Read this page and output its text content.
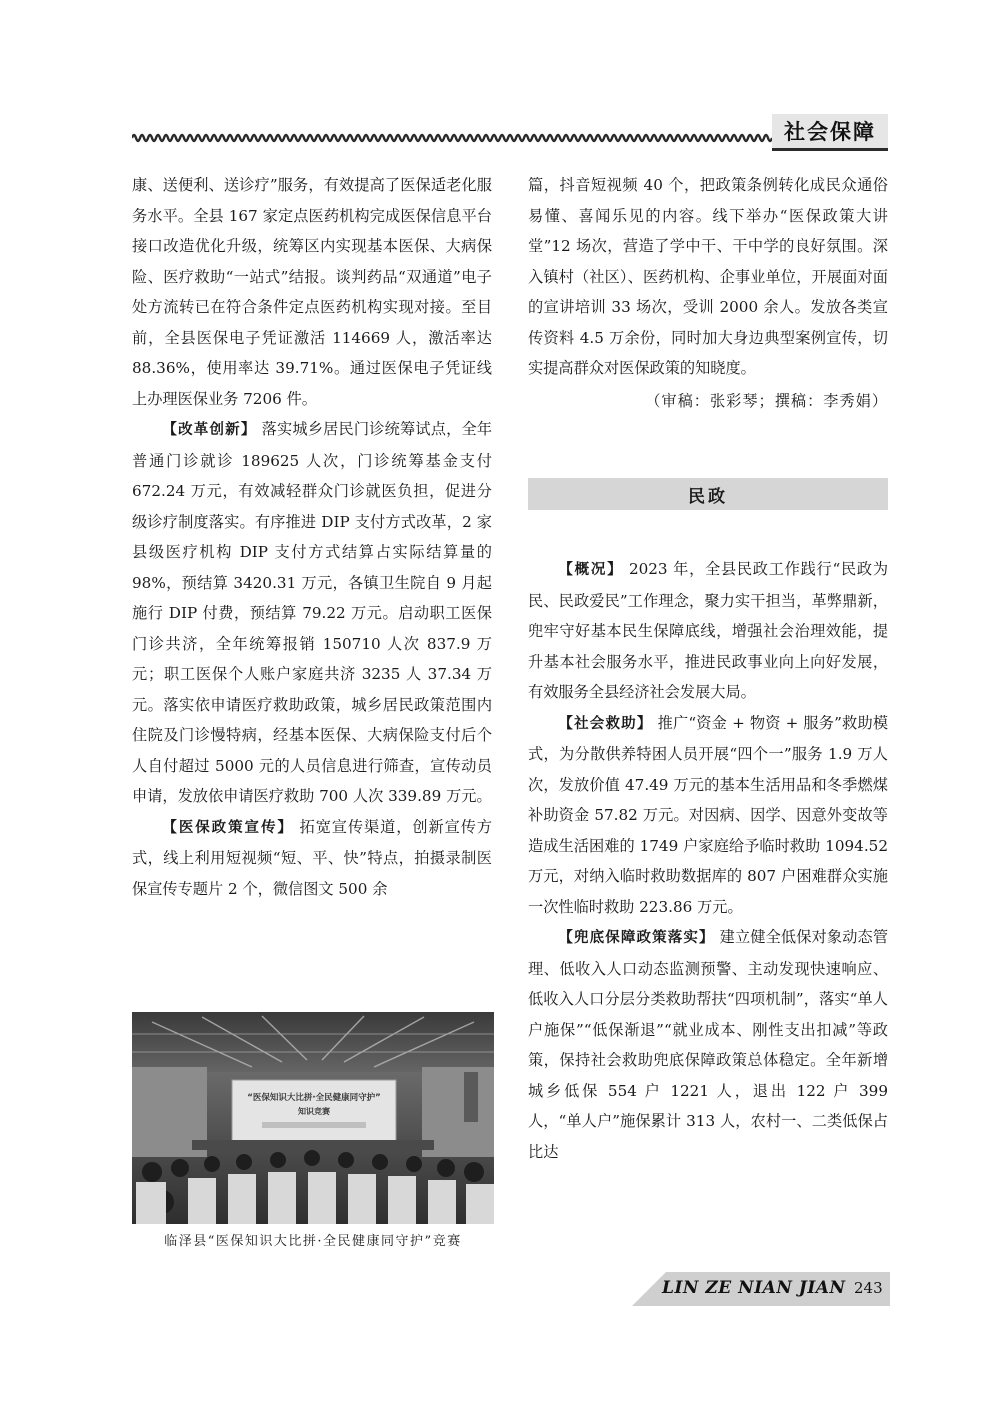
社会保障

康、送便利、送诊疗”服务，有效提高了医保适老化服务水平。全县 167 家定点医药机构完成医保信息平台接口改造优化升级，统筹区内实现基本医保、大病保险、医疗救助“一站式”结报。谈判药品“双通道”电子处方流转已在符合条件定点医药机构实现对接。至目前，全县医保电子凭证激活 114669 人，激活率达 88.36%，使用率达 39.71%。通过医保电子凭证线上办理医保业务 7206 件。

【改革创新】 落实城乡居民门诊统筹试点，全年普通门诊就诊 189625 人次，门诊统筹基金支付 672.24 万元，有效减轻群众门诊就医负担，促进分级诊疗制度落实。有序推进 DIP 支付方式改革，2 家县级医疗机构 DIP 支付方式结算占实际结算量的 98%，预结算 3420.31 万元，各镇卫生院自 9 月起施行 DIP 付费，预结算 79.22 万元。启动职工医保门诊共济，全年统筹报销 150710 人次 837.9 万元；职工医保个人账户家庭共济 3235 人 37.34 万元。落实依申请医疗救助政策，城乡居民政策范围内住院及门诊慢特病，经基本医保、大病保险支付后个人自付超过 5000 元的人员信息进行筛查，宣传动员申请，发放依申请医疗救助 700 人次 339.89 万元。

【医保政策宣传】 拓宽宣传渠道，创新宣传方式，线上利用短视频“短、平、快”特点，拍摄录制医保宣传专题片 2 个，微信图文 500 余

“医保知识大比拼·全民健康同守护”
知识竞赛
临泽县“医保知识大比拼·全民健康同守护”竞赛

篇，抖音短视频 40 个，把政策条例转化成民众通俗易懂、喜闻乐见的内容。线下举办“医保政策大讲堂”12 场次，营造了学中干、干中学的良好氛围。深入镇村（社区）、医药机构、企事业单位，开展面对面的宣讲培训 33 场次，受训 2000 余人。发放各类宣传资料 4.5 万余份，同时加大身边典型案例宣传，切实提高群众对医保政策的知晓度。

（审稿：张彩琴；撰稿：李秀娟）

民政

【概况】 2023 年，全县民政工作践行“民政为民、民政爱民”工作理念，聚力实干担当，革弊鼎新，兜牢守好基本民生保障底线，增强社会治理效能，提升基本社会服务水平，推进民政事业向上向好发展，有效服务全县经济社会发展大局。

【社会救助】 推广“资金 + 物资 + 服务”救助模式，为分散供养特困人员开展“四个一”服务 1.9 万人次，发放价值 47.49 万元的基本生活用品和冬季燃煤补助资金 57.82 万元。对因病、因学、因意外变故等造成生活困难的 1749 户家庭给予临时救助 1094.52 万元，对纳入临时救助数据库的 807 户困难群众实施一次性临时救助 223.86 万元。

【兜底保障政策落实】 建立健全低保对象动态管理、低收入人口动态监测预警、主动发现快速响应、低收入人口分层分类救助帮扶“四项机制”，落实“单人户施保”“低保渐退”“就业成本、刚性支出扣减”等政策，保持社会救助兜底保障政策总体稳定。全年新增城乡低保 554 户 1221 人，退出 122 户 399 人，“单人户”施保累计 313 人，农村一、二类低保占比达

LIN ZE NIAN JIAN 243
